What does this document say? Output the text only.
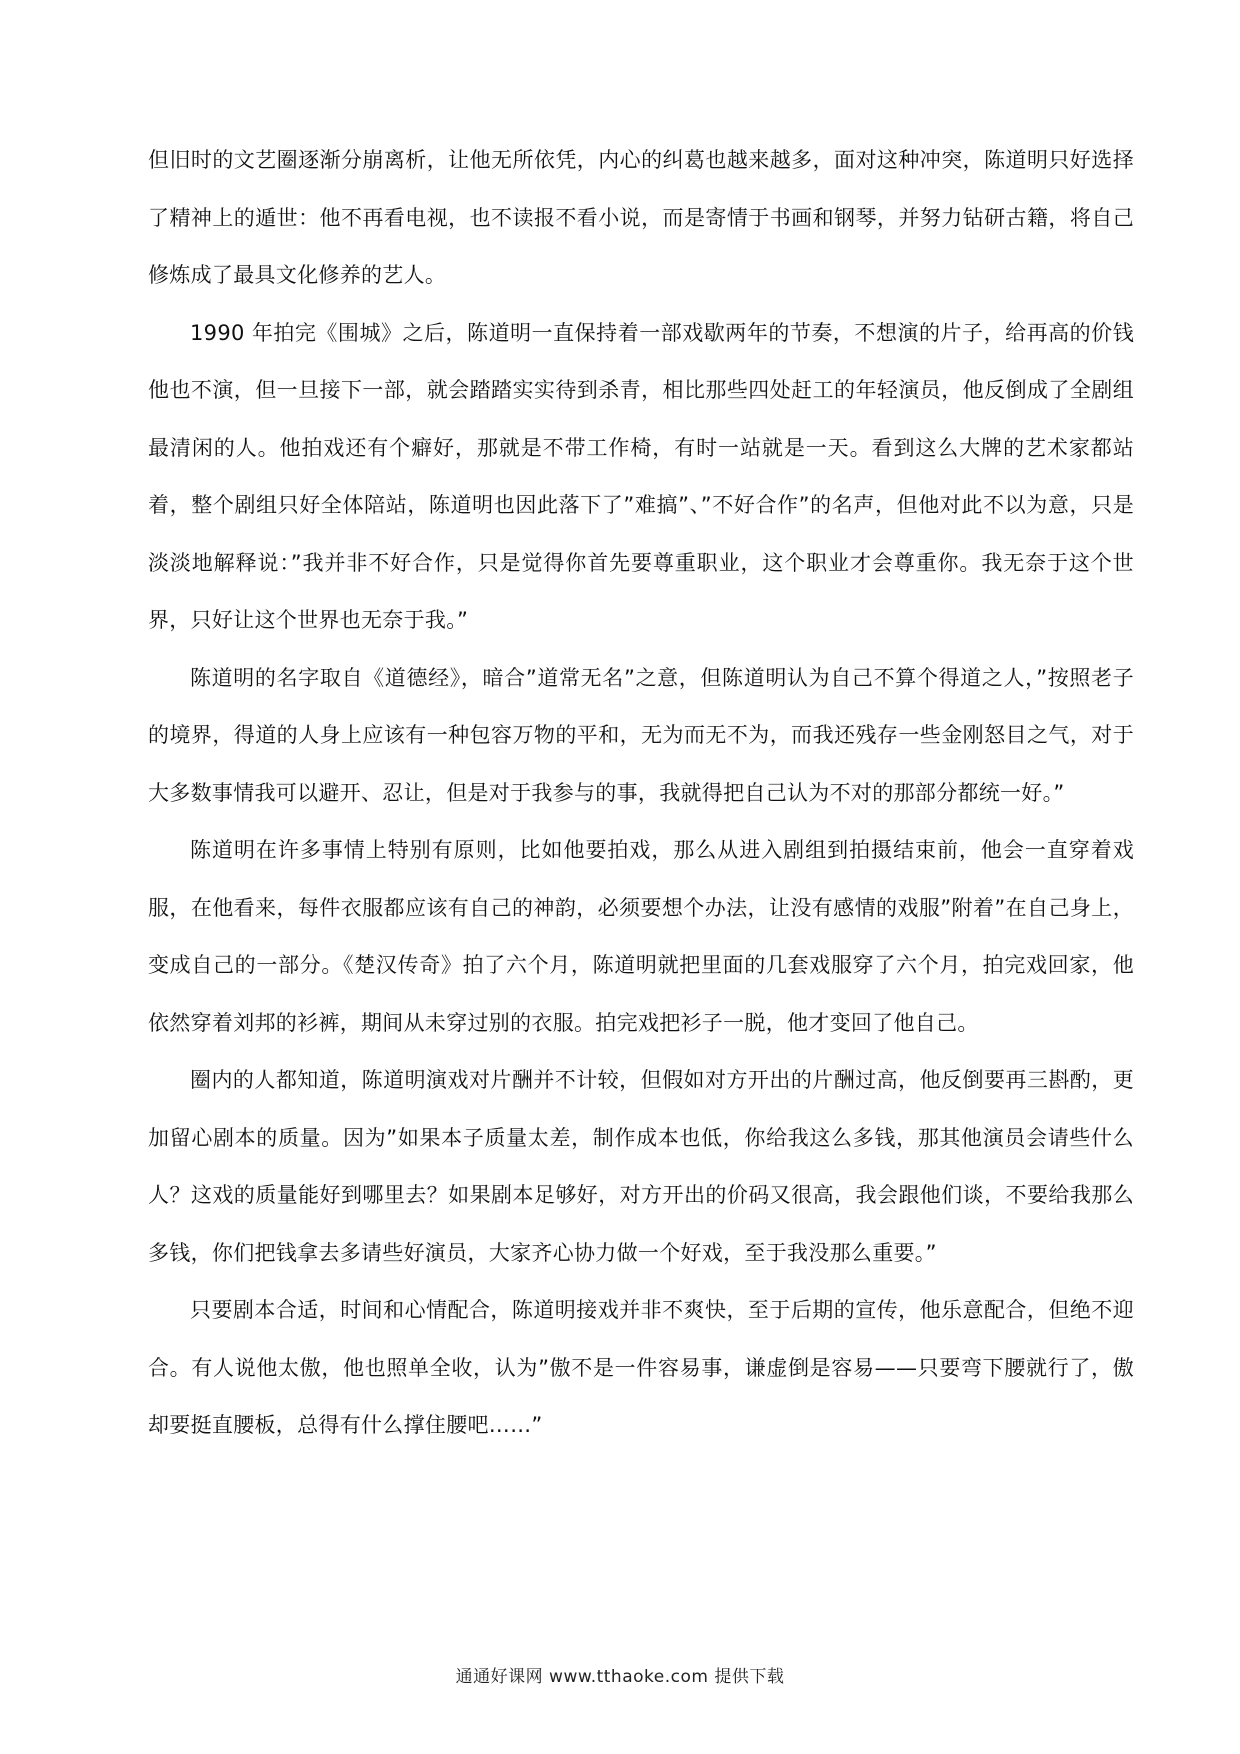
但旧时的文艺圈逐渐分崩离析，让他无所依凭，内心的纠葛也越来越多，面对这种冲突，陈道明只好选择了精神上的遁世：他不再看电视，也不读报不看小说，而是寄情于书画和钢琴，并努力钻研古籍，将自己修炼成了最具文化修养的艺人。

1990 年拍完《围城》之后，陈道明一直保持着一部戏歇两年的节奏，不想演的片子，给再高的价钱他也不演，但一旦接下一部，就会踏踏实实待到杀青，相比那些四处赶工的年轻演员，他反倒成了全剧组最清闲的人。他拍戏还有个癖好，那就是不带工作椅，有时一站就是一天。看到这么大牌的艺术家都站着，整个剧组只好全体陪站，陈道明也因此落下了”难搞”、”不好合作”的名声，但他对此不以为意，只是淡淡地解释说：”我并非不好合作，只是觉得你首先要尊重职业，这个职业才会尊重你。我无奈于这个世界，只好让这个世界也无奈于我。”

陈道明的名字取自《道德经》，暗合”道常无名”之意，但陈道明认为自己不算个得道之人，”按照老子的境界，得道的人身上应该有一种包容万物的平和，无为而无不为，而我还残存一些金刚怒目之气，对于大多数事情我可以避开、忍让，但是对于我参与的事，我就得把自己认为不对的那部分都统一好。”

陈道明在许多事情上特别有原则，比如他要拍戏，那么从进入剧组到拍摄结束前，他会一直穿着戏服，在他看来，每件衣服都应该有自己的神韵，必须要想个办法，让没有感情的戏服”附着”在自己身上，变成自己的一部分。《楚汉传奇》拍了六个月，陈道明就把里面的几套戏服穿了六个月，拍完戏回家，他依然穿着刘邦的衫裤，期间从未穿过别的衣服。拍完戏把衫子一脱，他才变回了他自己。

圈内的人都知道，陈道明演戏对片酬并不计较，但假如对方开出的片酬过高，他反倒要再三斟酌，更加留心剧本的质量。因为”如果本子质量太差，制作成本也低，你给我这么多钱，那其他演员会请些什么人？这戏的质量能好到哪里去？如果剧本足够好，对方开出的价码又很高，我会跟他们谈，不要给我那么多钱，你们把钱拿去多请些好演员，大家齐心协力做一个好戏，至于我没那么重要。”

只要剧本合适，时间和心情配合，陈道明接戏并非不爽快，至于后期的宣传，他乐意配合，但绝不迎合。有人说他太傲，他也照单全收，认为”傲不是一件容易事，谦虚倒是容易——只要弯下腰就行了，傲却要挺直腰板，总得有什么撑住腰吧……”

通通好课网 www.tthaoke.com 提供下载
